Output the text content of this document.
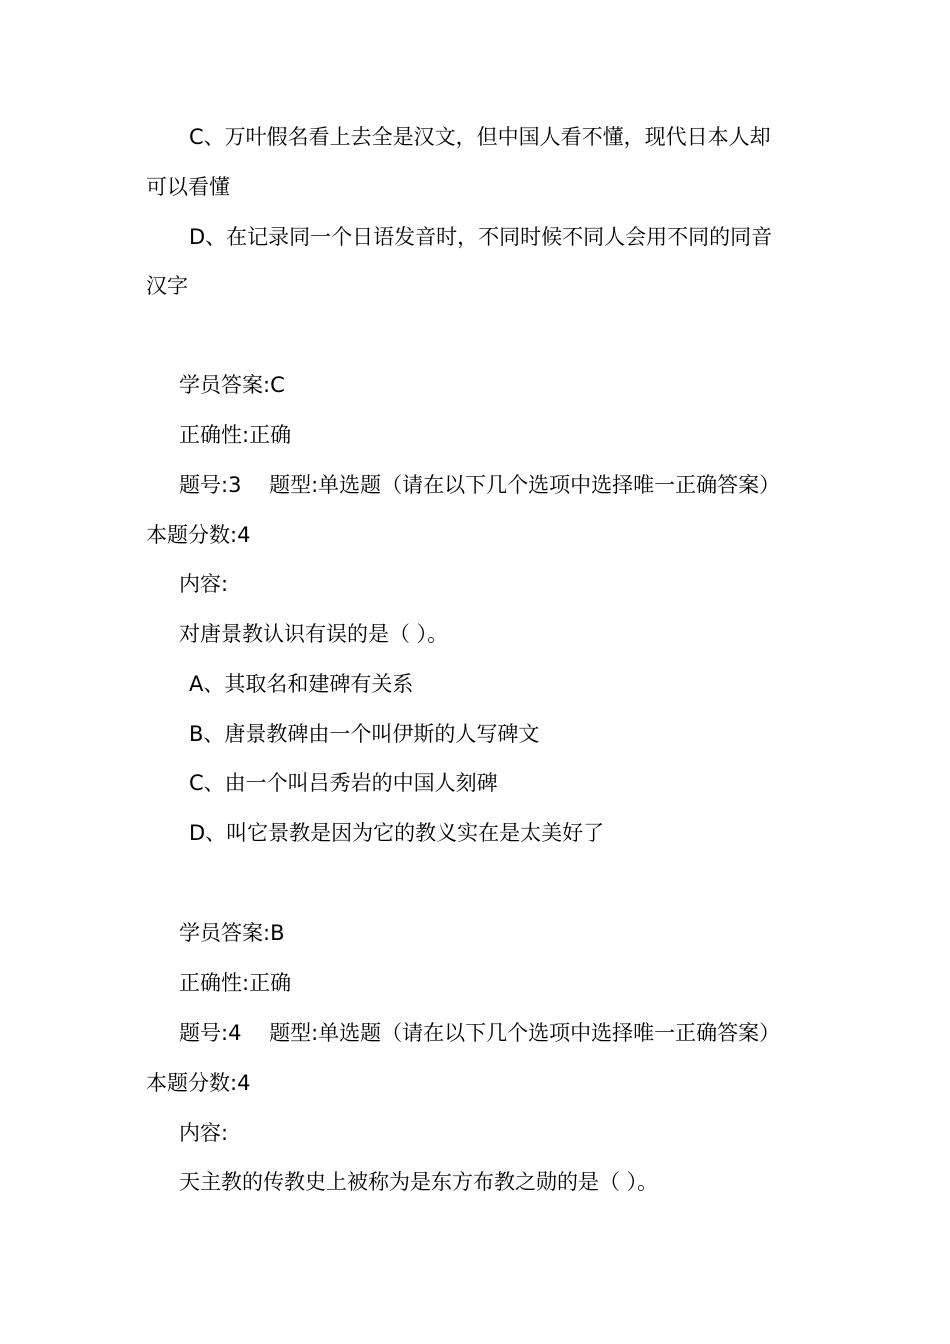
C、万叶假名看上去全是汉文，但中国人看不懂，现代日本人却
可以看懂
D、在记录同一个日语发音时，不同时候不同人会用不同的同音
汉字
学员答案:C
正确性:正确
题号:3　 题型:单选题（请在以下几个选项中选择唯一正确答案）
本题分数:4
内容:
对唐景教认识有误的是（ ）。
A、其取名和建碑有关系
B、唐景教碑由一个叫伊斯的人写碑文
C、由一个叫吕秀岩的中国人刻碑
D、叫它景教是因为它的教义实在是太美好了
学员答案:B
正确性:正确
题号:4　 题型:单选题（请在以下几个选项中选择唯一正确答案）
本题分数:4
内容:
天主教的传教史上被称为是东方布教之勋的是（ ）。
